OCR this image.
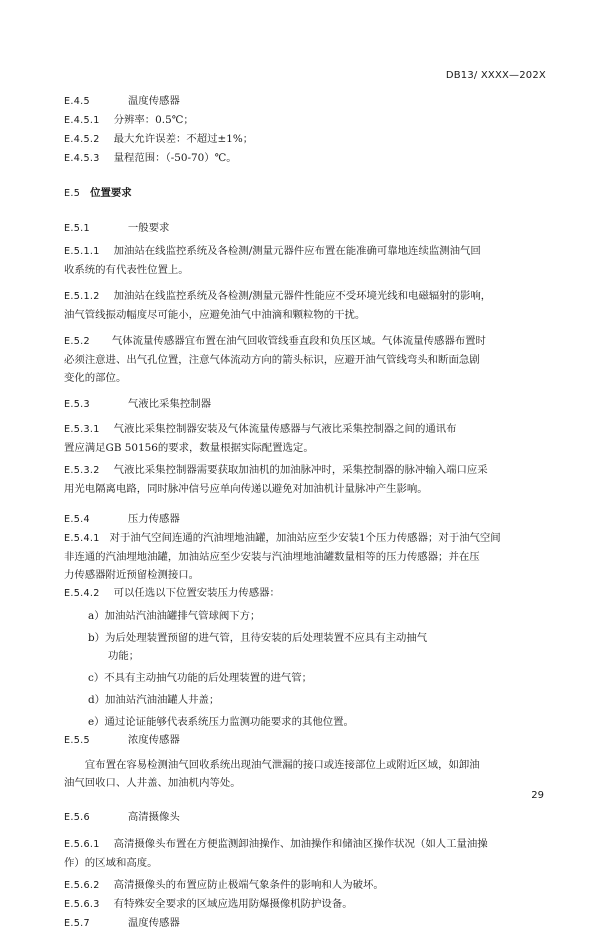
DB13/ XXXX—202X

E.4.5	温度传感器

E.4.5.1 分辨率：0.5℃；

E.4.5.2 最大允许误差：不超过±1%；

E.4.5.3 量程范围：（-50-70）℃。

E.5 位置要求

E.5.1	一般要求

E.5.1.1 加油站在线监控系统及各检测/测量元器件应布置在能准确可靠地连续监测油气回

收系统的有代表性位置上。

E.5.1.2 加油站在线监控系统及各检测/测量元器件性能应不受环境光线和电磁辐射的影响，

油气管线振动幅度尽可能小，应避免油气中油滴和颗粒物的干扰。

E.5.2 气体流量传感器宜布置在油气回收管线垂直段和负压区域。气体流量传感器布置时

必须注意进、出气孔位置，注意气体流动方向的箭头标识，应避开油气管线弯头和断面急剧

变化的部位。

E.5.3	气液比采集控制器

E.5.3.1 气液比采集控制器安装及气体流量传感器与气液比采集控制器之间的通讯布

置应满足GB 50156的要求，数量根据实际配置选定。

E.5.3.2 气液比采集控制器需要获取加油机的加油脉冲时，采集控制器的脉冲输入端口应采

用光电隔离电路，同时脉冲信号应单向传递以避免对加油机计量脉冲产生影响。

E.5.4	压力传感器

E.5.4.1 对于油气空间连通的汽油埋地油罐，加油站应至少安装1个压力传感器；对于油气空间

非连通的汽油埋地油罐，加油站应至少安装与汽油埋地油罐数量相等的压力传感器；并在压

力传感器附近预留检测接口。

E.5.4.2 可以任选以下位置安装压力传感器：

a）加油站汽油油罐排气管球阀下方；

b）为后处理装置预留的进气管，且待安装的后处理装置不应具有主动抽气

功能；

c）不具有主动抽气功能的后处理装置的进气管；

d）加油站汽油油罐人井盖；

e）通过论证能够代表系统压力监测功能要求的其他位置。

E.5.5	浓度传感器

宜布置在容易检测油气回收系统出现油气泄漏的接口或连接部位上或附近区域，如卸油

油气回收口、人井盖、加油机内等处。

E.5.6	高清摄像头

E.5.6.1 高清摄像头布置在方便监测卸油操作、加油操作和储油区操作状况（如人工量油操

作）的区域和高度。

E.5.6.2 高清摄像头的布置应防止极端气象条件的影响和人为破坏。

E.5.6.3 有特殊安全要求的区域应选用防爆摄像机防护设备。

E.5.7	温度传感器

29
